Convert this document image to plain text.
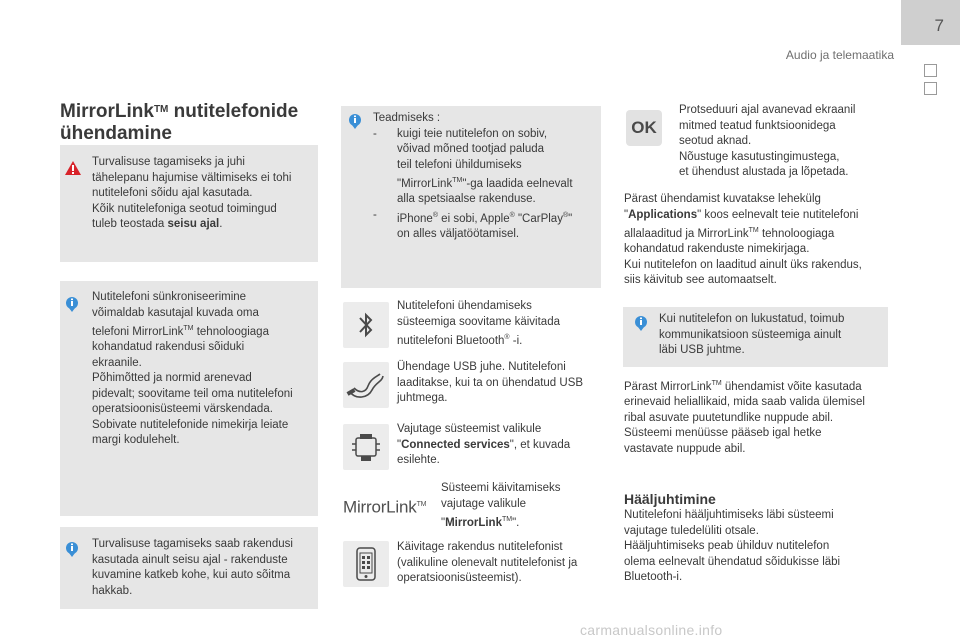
7
Audio ja telemaatika
MirrorLink™ nutitelefonide
ühendamine
Turvalisuse tagamiseks ja juhi
tähelepanu hajumise vältimiseks ei tohi
nutitelefoni sõidu ajal kasutada.
Kõik nutitelefoniga seotud toimingud
tuleb teostada seisu ajal.
Nutitelefoni sünkroniseerimine
võimaldab kasutajal kuvada oma
telefoni MirrorLink™ tehnoloogiaga
kohandatud rakendusi sõiduki
ekraanile.
Põhimõtted ja normid arenevad
pidevalt; soovitame teil oma nutitelefoni
operatsioonisüsteemi värskendada.
Sobivate nutitelefonide nimekirja leiate
margi kodulehelt.
Turvalisuse tagamiseks saab rakendusi
kasutada ainult seisu ajal - rakenduste
kuvamine katkeb kohe, kui auto sõitma
hakkab.
Teadmiseks :
-	kuigi teie nutitelefon on sobiv,
võivad mõned tootjad paluda
teil telefoni ühildumiseks
"MirrorLink™"-ga laadida eelnevalt
alla spetsiaalse rakenduse.
-	iPhone® ei sobi, Apple® "CarPlay®"
on alles väljatöötamisel.
Nutitelefoni ühendamiseks
süsteemiga soovitame käivitada
nutitelefoni Bluetooth® -i.
Ühendage USB juhe. Nutitelefoni
laaditakse, kui ta on ühendatud USB
juhtmega.
Vajutage süsteemist valikule
"Connected services", et kuvada
esilehte.
MirrorLink™
Süsteemi käivitamiseks
vajutage valikule
"MirrorLink™".
Käivitage rakendus nutitelefonist
(valikuline olenevalt nutitelefonist ja
operatsioonisüsteemist).
OK
Protseduuri ajal avanevad ekraanil
mitmed teatud funktsioonidega
seotud aknad.
Nõustuge kasutustingimustega,
et ühendust alustada ja lõpetada.
Pärast ühendamist kuvatakse lehekülg
"Applications" koos eelnevalt teie nutitelefoni
allalaaditud ja MirrorLink™ tehnoloogiaga
kohandatud rakenduste nimekirjaga.
Kui nutitelefon on laaditud ainult üks rakendus,
siis käivitub see automaatselt.
Kui nutitelefon on lukustatud, toimub
kommunikatsioon süsteemiga ainult
läbi USB juhtme.
Pärast MirrorLink™ ühendamist võite kasutada
erinevaid heliallikaid, mida saab valida ülemisel
ribal asuvate puutetundlike nuppude abil.
Süsteemi menüüsse pääseb igal hetke
vastavate nuppude abil.
Hääljuhtimine
Nutitelefoni hääljuhtimiseks läbi süsteemi
vajutage tuledelüliti otsale.
Hääljuhtimiseks peab ühilduv nutitelefon
olema eelnevalt ühendatud sõidukisse läbi
Bluetooth-i.
carmanualsonline.info
